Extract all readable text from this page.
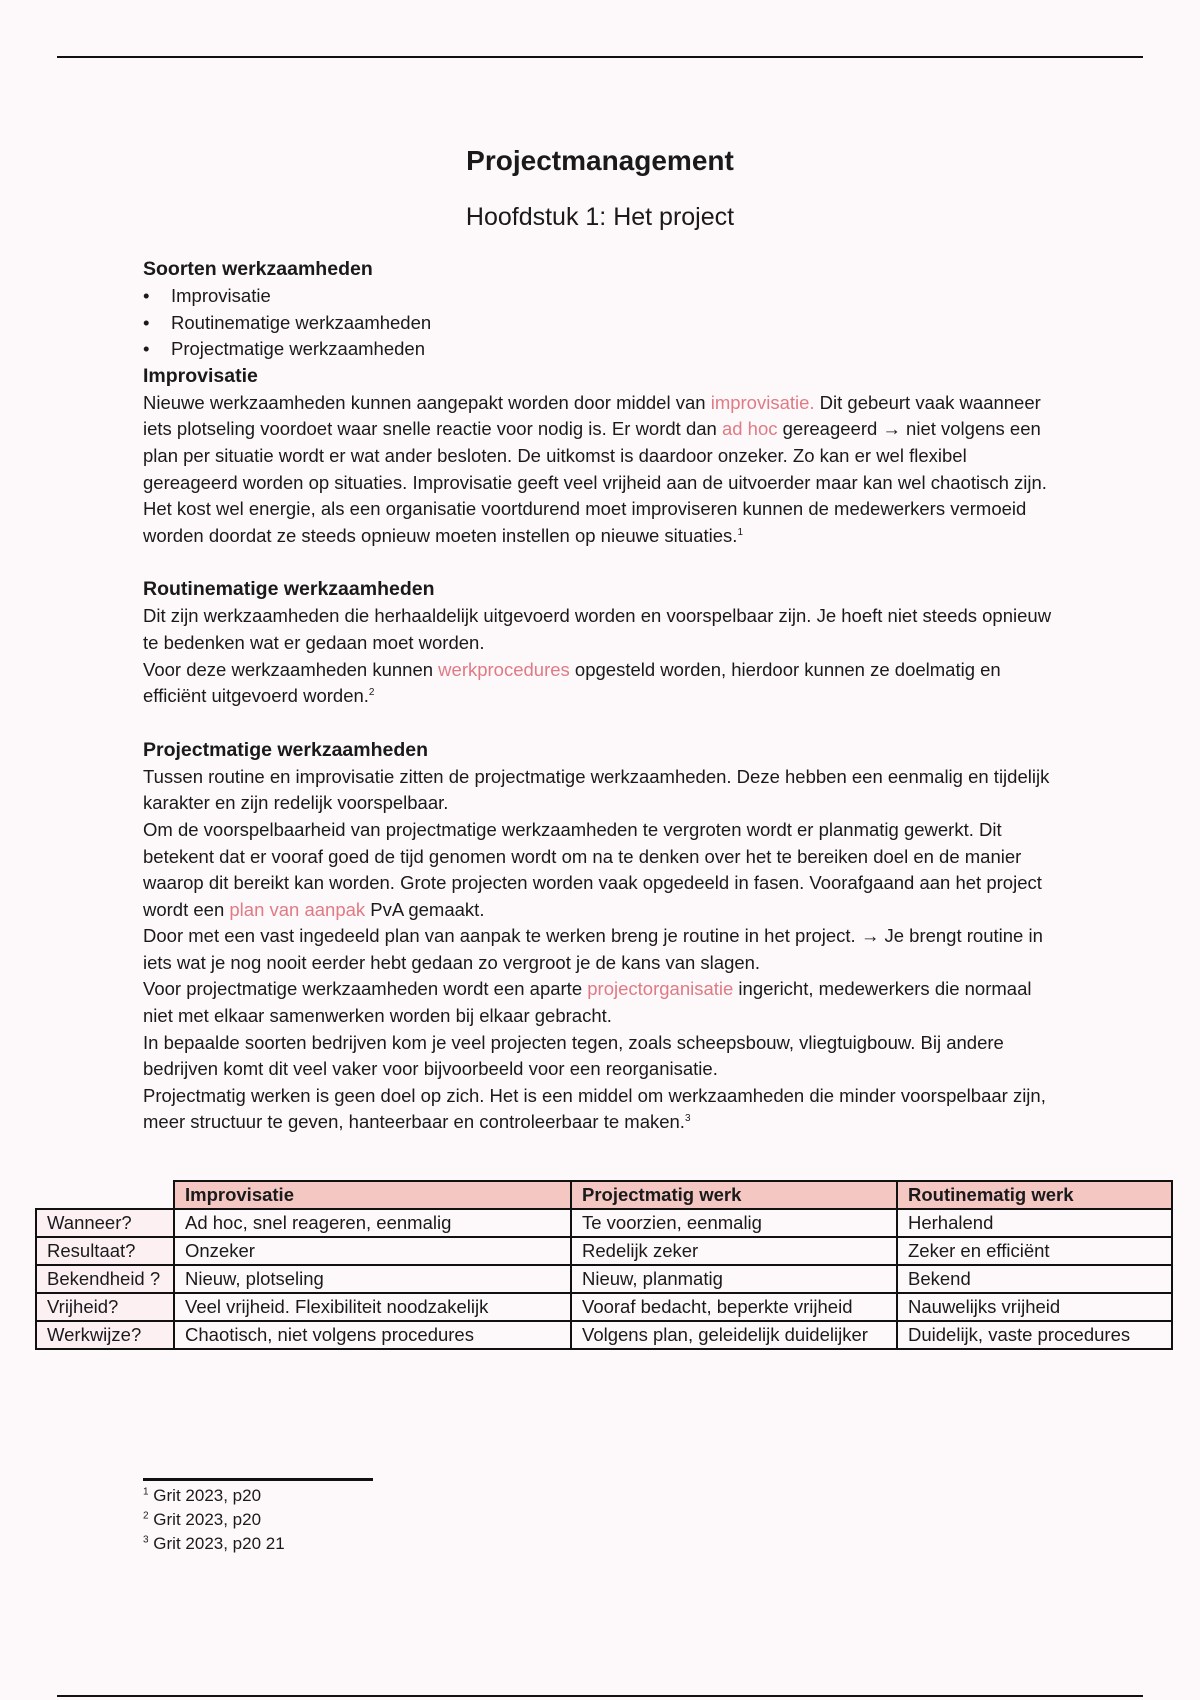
Projectmanagement
Hoofdstuk 1: Het project
Soorten werkzaamheden
• Improvisatie
• Routinematige werkzaamheden
• Projectmatige werkzaamheden
Improvisatie

Nieuwe werkzaamheden kunnen aangepakt worden door middel van improvisatie. Dit gebeurt vaak waanneer iets plotseling voordoet waar snelle reactie voor nodig is. Er wordt dan ad hoc gereageerd → niet volgens een plan per situatie wordt er wat ander besloten. De uitkomst is daardoor onzeker. Zo kan er wel flexibel gereageerd worden op situaties. Improvisatie geeft veel vrijheid aan de uitvoerder maar kan wel chaotisch zijn. Het kost wel energie, als een organisatie voortdurend moet improviseren kunnen de medewerkers vermoeid worden doordat ze steeds opnieuw moeten instellen op nieuwe situaties.$^1$

Routinematige werkzaamheden

Dit zijn werkzaamheden die herhaaldelijk uitgevoerd worden en voorspelbaar zijn. Je hoeft niet steeds opnieuw te bedenken wat er gedaan moet worden.

Voor deze werkzaamheden kunnen werkprocedures opgesteld worden, hierdoor kunnen ze doelmatig en efficiënt uitgevoerd worden.$^2$

Projectmatige werkzaamheden

Tussen routine en improvisatie zitten de projectmatige werkzaamheden. Deze hebben een eenmalig en tijdelijk karakter en zijn redelijk voorspelbaar.

Om de voorspelbaarheid van projectmatige werkzaamheden te vergroten wordt er planmatig gewerkt. Dit betekent dat er vooraf goed de tijd genomen wordt om na te denken over het te bereiken doel en de manier waarop dit bereikt kan worden. Grote projecten worden vaak opgedeeld in fasen. Voorafgaand aan het project wordt een plan van aanpak PvA gemaakt.

Door met een vast ingedeeld plan van aanpak te werken breng je routine in het project. → Je brengt routine in iets wat je nog nooit eerder hebt gedaan zo vergroot je de kans van slagen.

Voor projectmatige werkzaamheden wordt een aparte projectorganisatie ingericht, medewerkers die normaal niet met elkaar samenwerken worden bij elkaar gebracht.

In bepaalde soorten bedrijven kom je veel projecten tegen, zoals scheepsbouw, vliegtuigbouw. Bij andere bedrijven komt dit veel vaker voor bijvoorbeeld voor een reorganisatie.

Projectmatig werken is geen doel op zich. Het is een middel om werkzaamheden die minder voorspelbaar zijn, meer structuur te geven, hanteerbaar en controleerbaar te maken.$^3$

	Improvisatie	Projectmatig werk	Routinematig werk
Wanneer?	Ad hoc, snel reageren, eenmalig	Te voorzien, eenmalig	Herhalend
Resultaat?	Onzeker	Redelijk zeker	Zeker en efficiënt
Bekendheid ?	Nieuw, plotseling	Nieuw, planmatig	Bekend
Vrijheid?	Veel vrijheid. Flexibiliteit noodzakelijk	Vooraf bedacht, beperkte vrijheid	Nauwelijks vrijheid
Werkwijze?	Chaotisch, niet volgens procedures	Volgens plan, geleidelijk duidelijker	Duidelijk, vaste procedures
$^1$ Grit 2023, p20
$^2$ Grit 2023, p20
$^3$ Grit 2023, p20 21
